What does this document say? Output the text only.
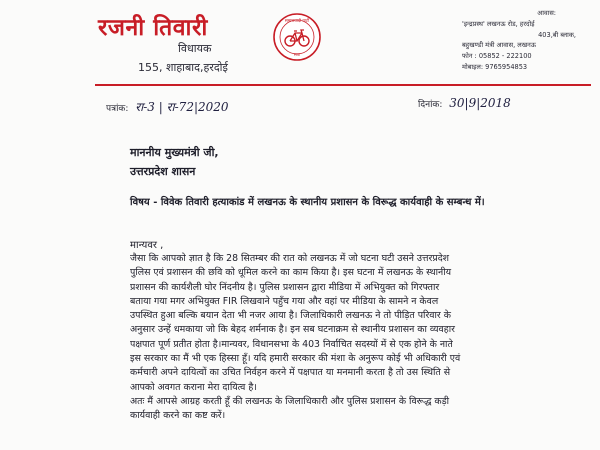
रजनी तिवारी
विधायक
155, शाहाबाद,हरदोई
समाजवादी पार्टी
सपा
आवास:
'इन्द्रप्रस्थ' लखनऊ रोड, हरदोई
403,बी ब्लाक,
बहुखण्डी मंत्री आवास, लखनऊ
फोन : 05852 - 222100
मोबाइल: 9765954853
पत्रांक: रा-3 | रा-72|2020	दिनांक: 30|9|2018
माननीय मुख्यमंत्री जी,
उत्तरप्रदेश शासन
विषय - विवेक तिवारी हत्याकांड में लखनऊ के स्थानीय प्रशासन के विरूद्ध कार्यवाही के सम्बन्ध में।
मान्यवर ,
जैसा कि आपको ज्ञात है कि 28 सितम्बर की रात को लखनऊ में जो घटना घटी उसने उत्तरप्रदेश
पुलिस एवं प्रशासन की छवि को धूमिल करने का काम किया है। इस घटना में लखनऊ के स्थानीय
प्रशासन की कार्यशैली घोर निंदनीय है। पुलिस प्रशासन द्वारा मीडिया में अभियुक्त को गिरफ्तार
बताया गया मगर अभियुक्त FIR लिखवाने पहुँच गया और वहां पर मीडिया के सामने न केवल
उपस्थित हुआ बल्कि बयान देता भी नजर आया है। जिलाधिकारी लखनऊ ने तो पीड़ित परिवार के
अनुसार उन्हें धमकाया जो कि बेहद शर्मनाक है। इन सब घटनाक्रम से स्थानीय प्रशासन का व्यवहार
पक्षपात पूर्ण प्रतीत होता है।मान्यवर, विधानसभा के 403 निर्वाचित सदस्यों में से एक होने के नाते
इस सरकार का मैं भी एक हिस्सा हूँ। यदि हमारी सरकार की मंशा के अनुरूप कोई भी अधिकारी एवं
कर्मचारी अपने दायित्वों का उचित निर्वहन करने में पक्षपात या मनमानी करता है तो उस स्थिति से
आपको अवगत कराना मेरा दायित्व है।
अतः मैं आपसे आग्रह करती हूँ की लखनऊ के जिलाधिकारी और पुलिस प्रशासन के विरूद्ध कड़ी
कार्यवाही करने का कष्ट करें।
